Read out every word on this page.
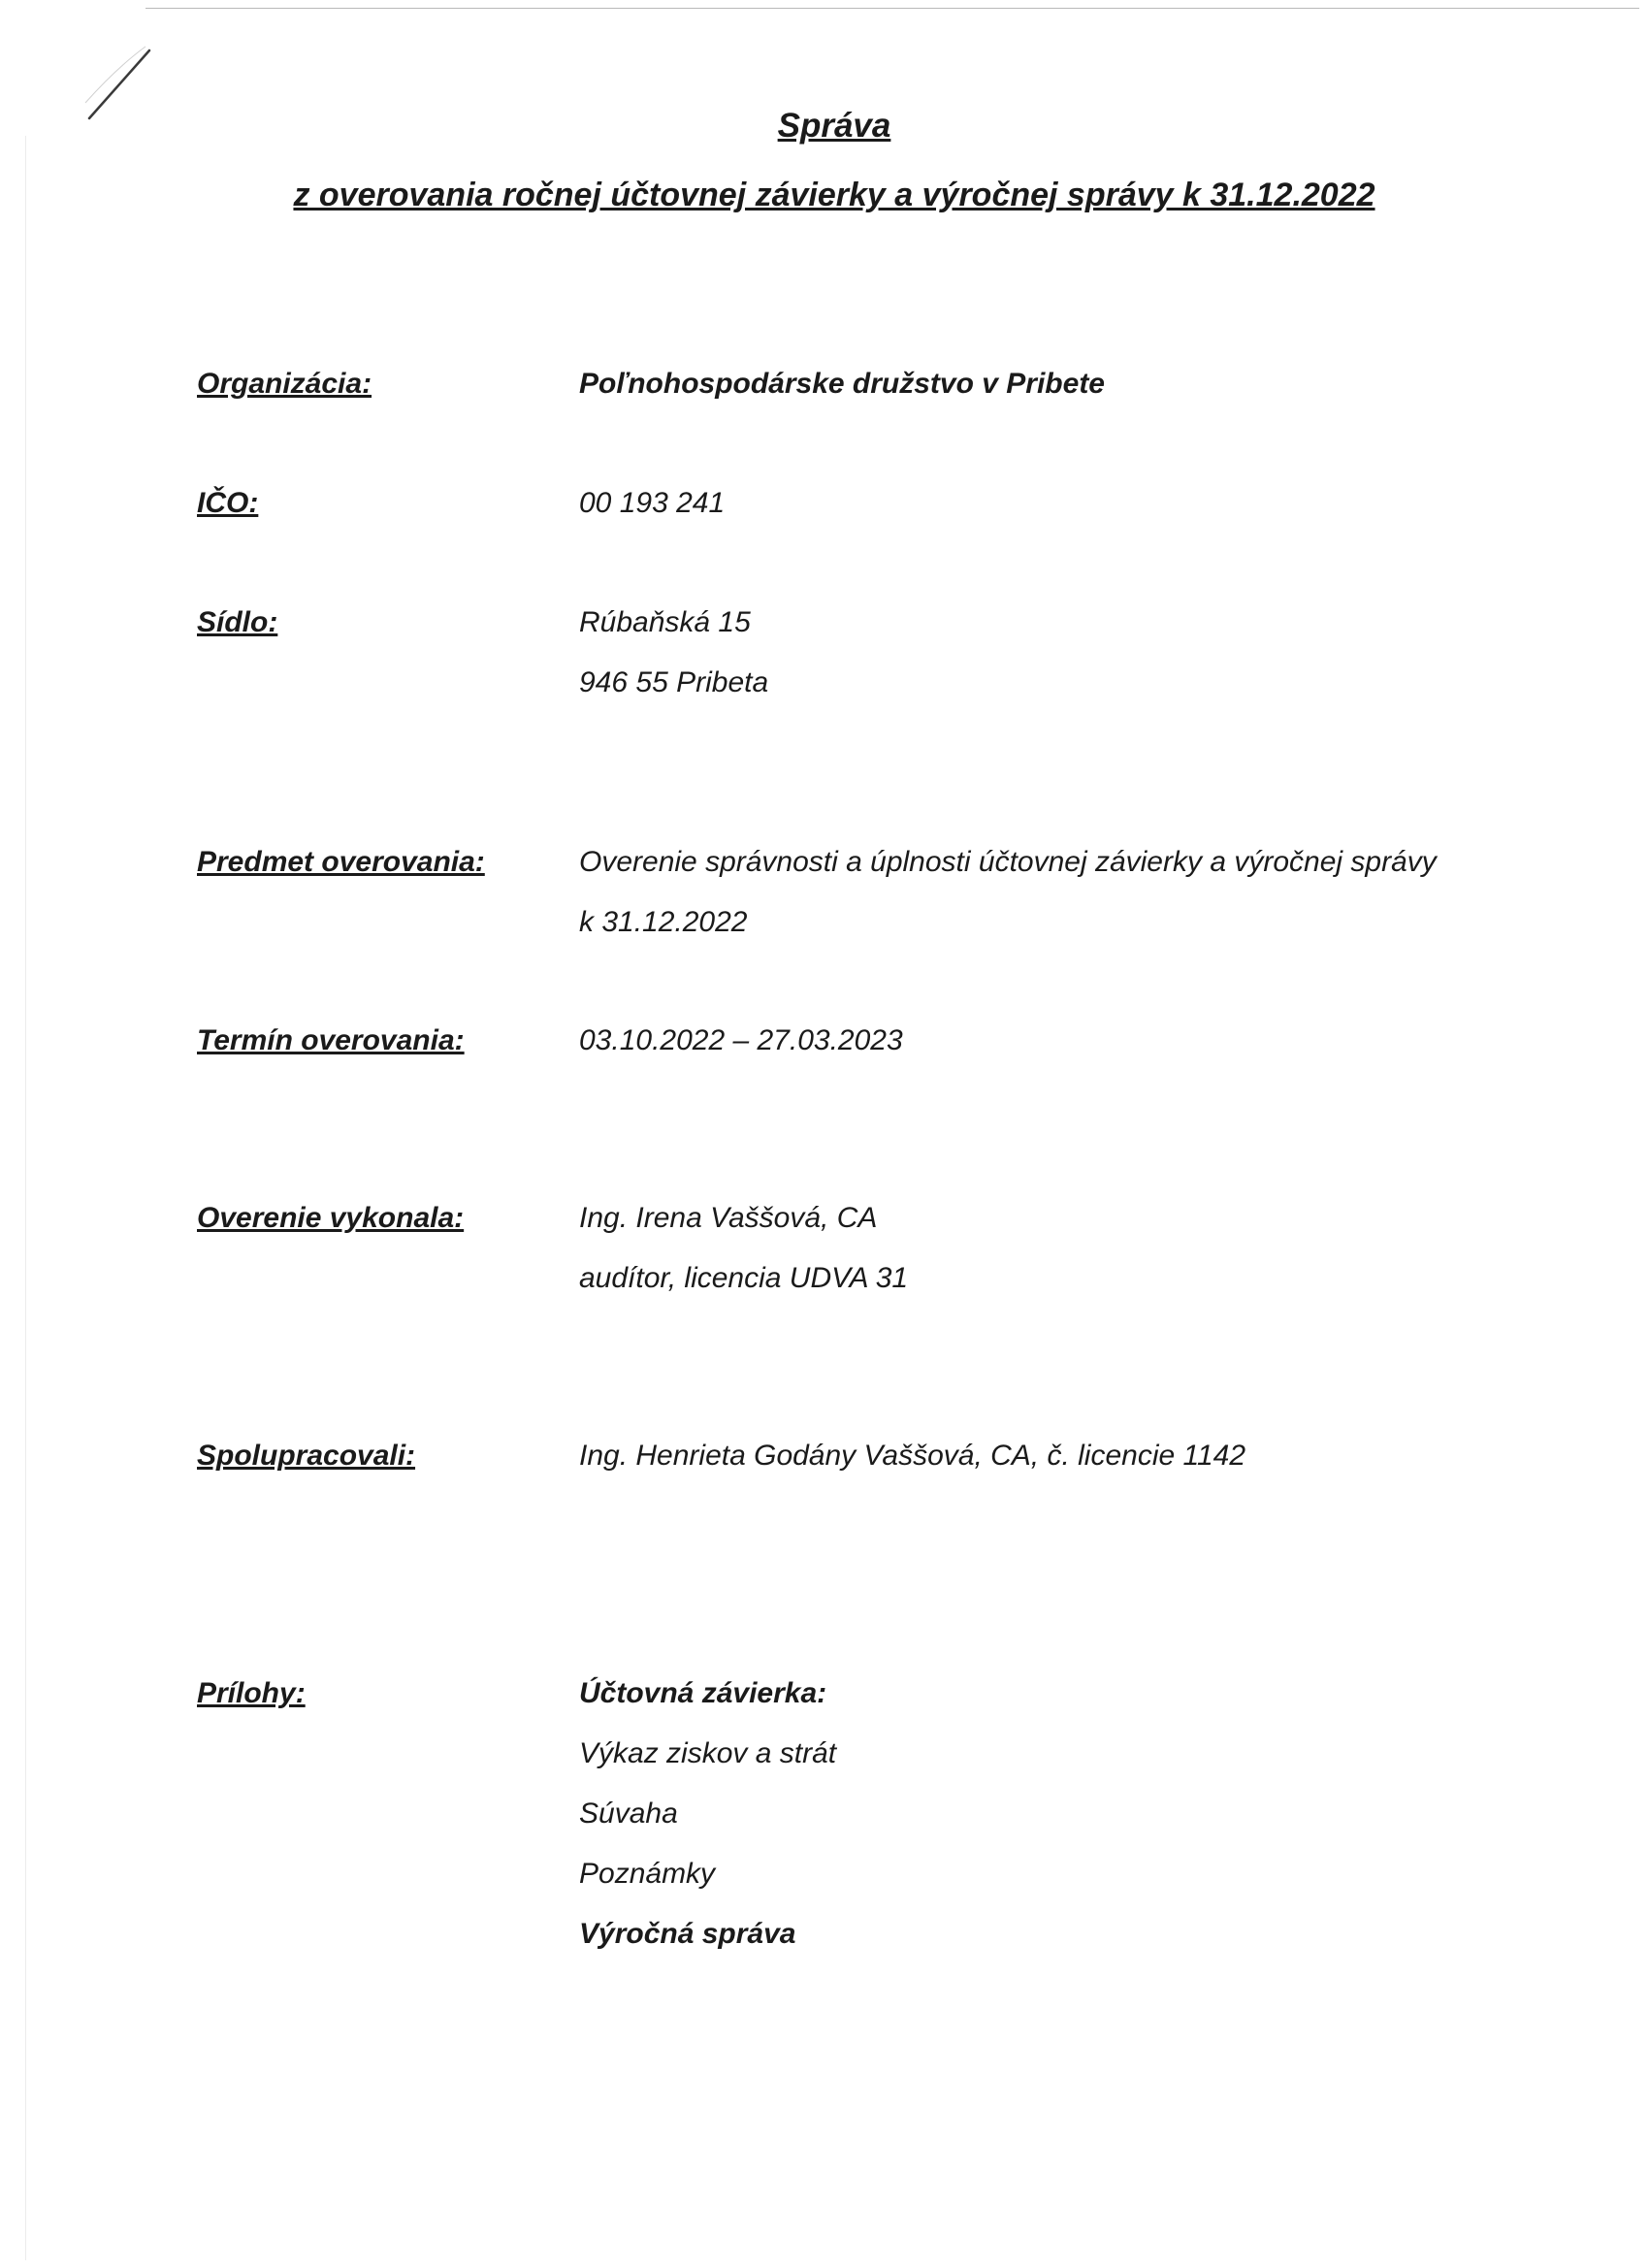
Správa
z overovania ročnej účtovnej závierky a výročnej správy k 31.12.2022
Organizácia:	Poľnohospodárske družstvo v Pribete
IČO:	00 193 241
Sídlo:	Rúbaňská 15
946 55 Pribeta
Predmet overovania:	Overenie správnosti a úplnosti účtovnej závierky a výročnej správy
k 31.12.2022
Termín overovania:	03.10.2022 – 27.03.2023
Overenie vykonala:	Ing. Irena Vaššová, CA
audítor, licencia UDVA 31
Spolupracovali:	Ing. Henrieta Godány Vaššová, CA, č. licencie 1142
Prílohy:	Účtovná závierka:
Výkaz ziskov a strát
Súvaha
Poznámky
Výročná správa
